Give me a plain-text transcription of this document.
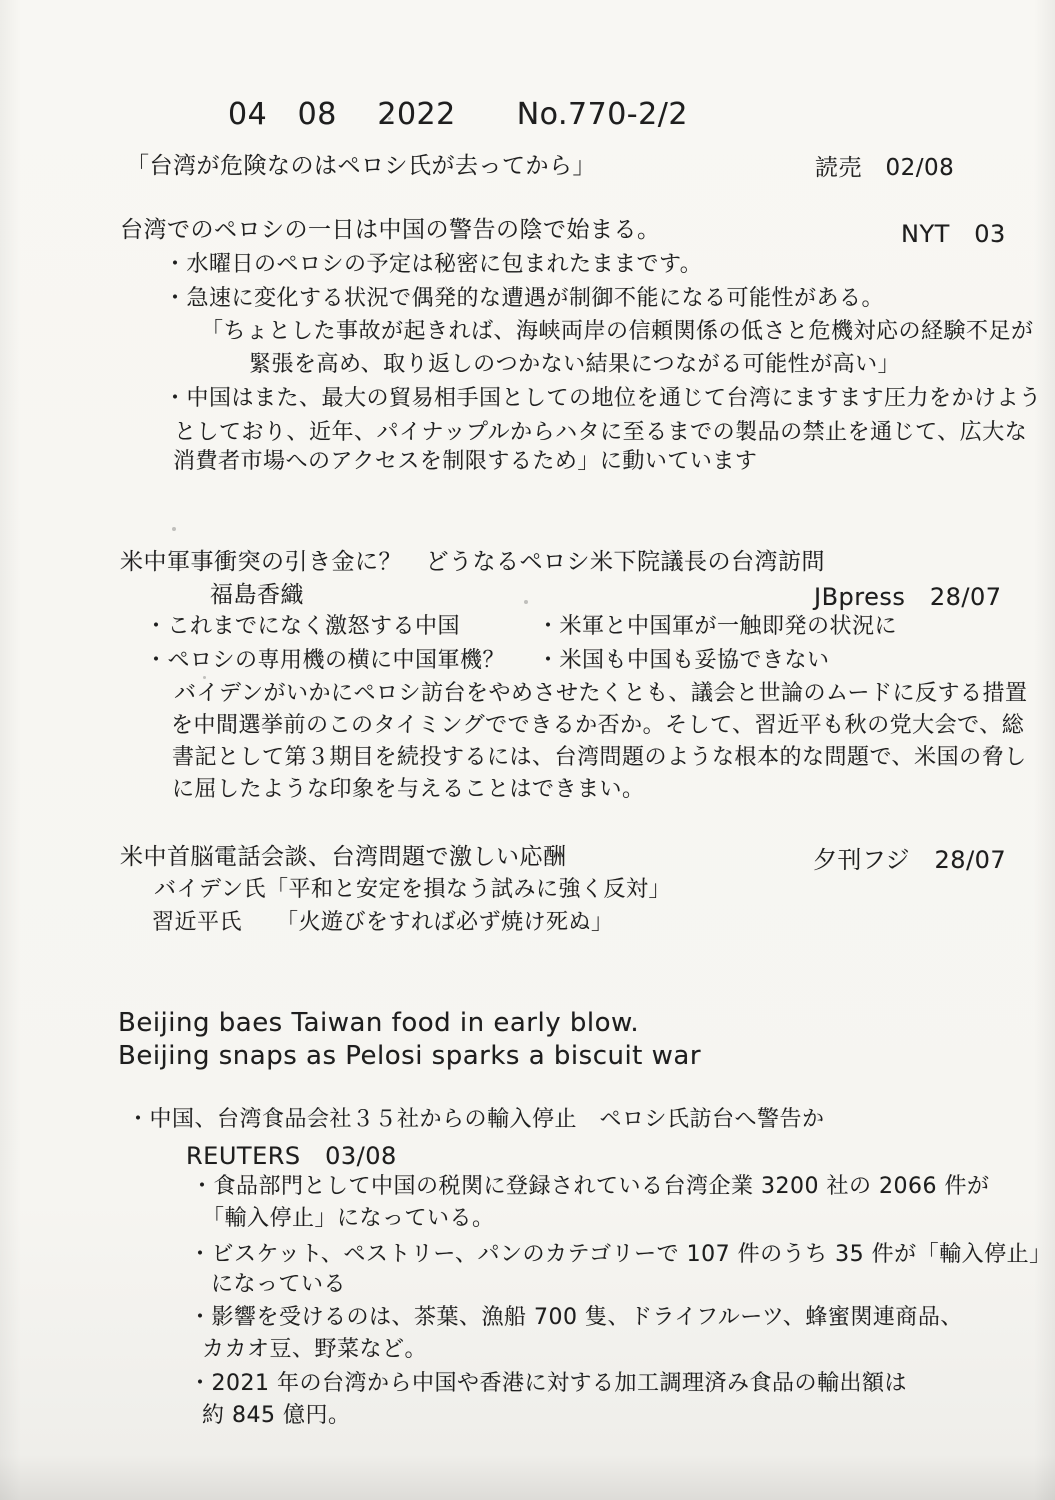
04　08　 2022　　No.770-2/2
「台湾が危険なのはペロシ氏が去ってから」	読売　02/08
台湾でのペロシの一日は中国の警告の陰で始まる。	NYT　03
・水曜日のペロシの予定は秘密に包まれたままです。
・急速に変化する状況で偶発的な遭遇が制御不能になる可能性がある。
「ちょとした事故が起きれば、海峡両岸の信頼関係の低さと危機対応の経験不足が
緊張を高め、取り返しのつかない結果につながる可能性が高い」
・中国はまた、最大の貿易相手国としての地位を通じて台湾にますます圧力をかけよう
としており、近年、パイナップルからハタに至るまでの製品の禁止を通じて、広大な
消費者市場へのアクセスを制限するため」に動いています
米中軍事衝突の引き金に？　どうなるペロシ米下院議長の台湾訪問
福島香織	JBpress　28/07
・これまでになく激怒する中国	・米軍と中国軍が一触即発の状況に
・ペロシの専用機の横に中国軍機？ ・米国も中国も妥協できない
バイデンがいかにペロシ訪台をやめさせたくとも、議会と世論のムードに反する措置
を中間選挙前のこのタイミングでできるか否か。そして、習近平も秋の党大会で、総
書記として第３期目を続投するには、台湾問題のような根本的な問題で、米国の脅し
に屈したような印象を与えることはできまい。
米中首脳電話会談、台湾問題で激しい応酬	夕刊フジ　28/07
バイデン氏「平和と安定を損なう試みに強く反対」
習近平氏　　「火遊びをすれば必ず焼け死ぬ」
Beijing baes Taiwan food in early blow.
Beijing snaps as Pelosi sparks a biscuit war
・中国、台湾食品会社３５社からの輸入停止　ペロシ氏訪台へ警告か
REUTERS　03/08
・食品部門として中国の税関に登録されている台湾企業 3200 社の 2066 件が
「輸入停止」になっている。
・ビスケット、ペストリー、パンのカテゴリーで 107 件のうち 35 件が「輸入停止」
になっている
・影響を受けるのは、茶葉、漁船 700 隻、ドライフルーツ、蜂蜜関連商品、
カカオ豆、野菜など。
・2021 年の台湾から中国や香港に対する加工調理済み食品の輸出額は
約 845 億円。
